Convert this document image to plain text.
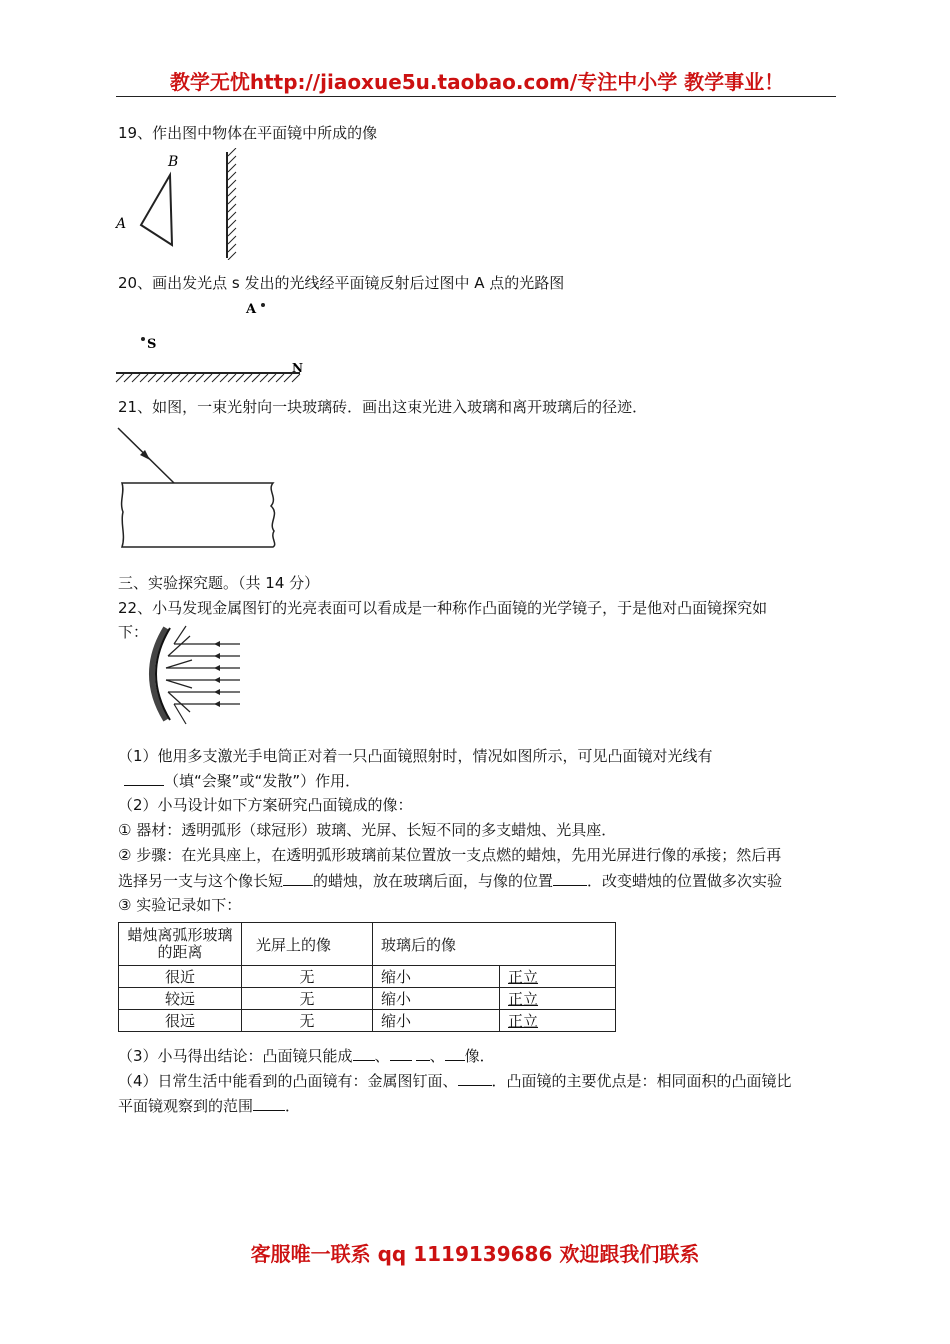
教学无忧http://jiaoxue5u.taobao.com/专注中小学 教学事业！
19、作出图中物体在平面镜中所成的像
B
A
20、画出发光点 s 发出的光线经平面镜反射后过图中 A 点的光路图
A
S
N
21、如图，一束光射向一块玻璃砖．画出这束光进入玻璃和离开玻璃后的径迹．
三、实验探究题。（共 14 分）
22、小马发现金属图钉的光亮表面可以看成是一种称作凸面镜的光学镜子，于是他对凸面镜探究如
下：
（1）他用多支激光手电筒正对着一只凸面镜照射时，情况如图所示，可见凸面镜对光线有
（填“会聚”或“发散”）作用．
（2）小马设计如下方案研究凸面镜成的像：
① 器材：透明弧形（球冠形）玻璃、光屏、长短不同的多支蜡烛、光具座．
② 步骤：在光具座上，在透明弧形玻璃前某位置放一支点燃的蜡烛，先用光屏进行像的承接；然后再
选择另一支与这个像长短 的蜡烛，放在玻璃后面，与像的位置 ．改变蜡烛的位置做多次实验
③ 实验记录如下：
蜡烛离弧形玻璃的距离	光屏上的像	玻璃后的像	
很近	无	缩小	正立
较远	无	缩小	正立
很远	无	缩小	正立
（3）小马得出结论：凸面镜只能成 、	、 像．
（4）日常生活中能看到的凸面镜有：金属图钉面、 ．凸面镜的主要优点是：相同面积的凸面镜比
平面镜观察到的范围 ．
客服唯一联系 qq 1119139686 欢迎跟我们联系
